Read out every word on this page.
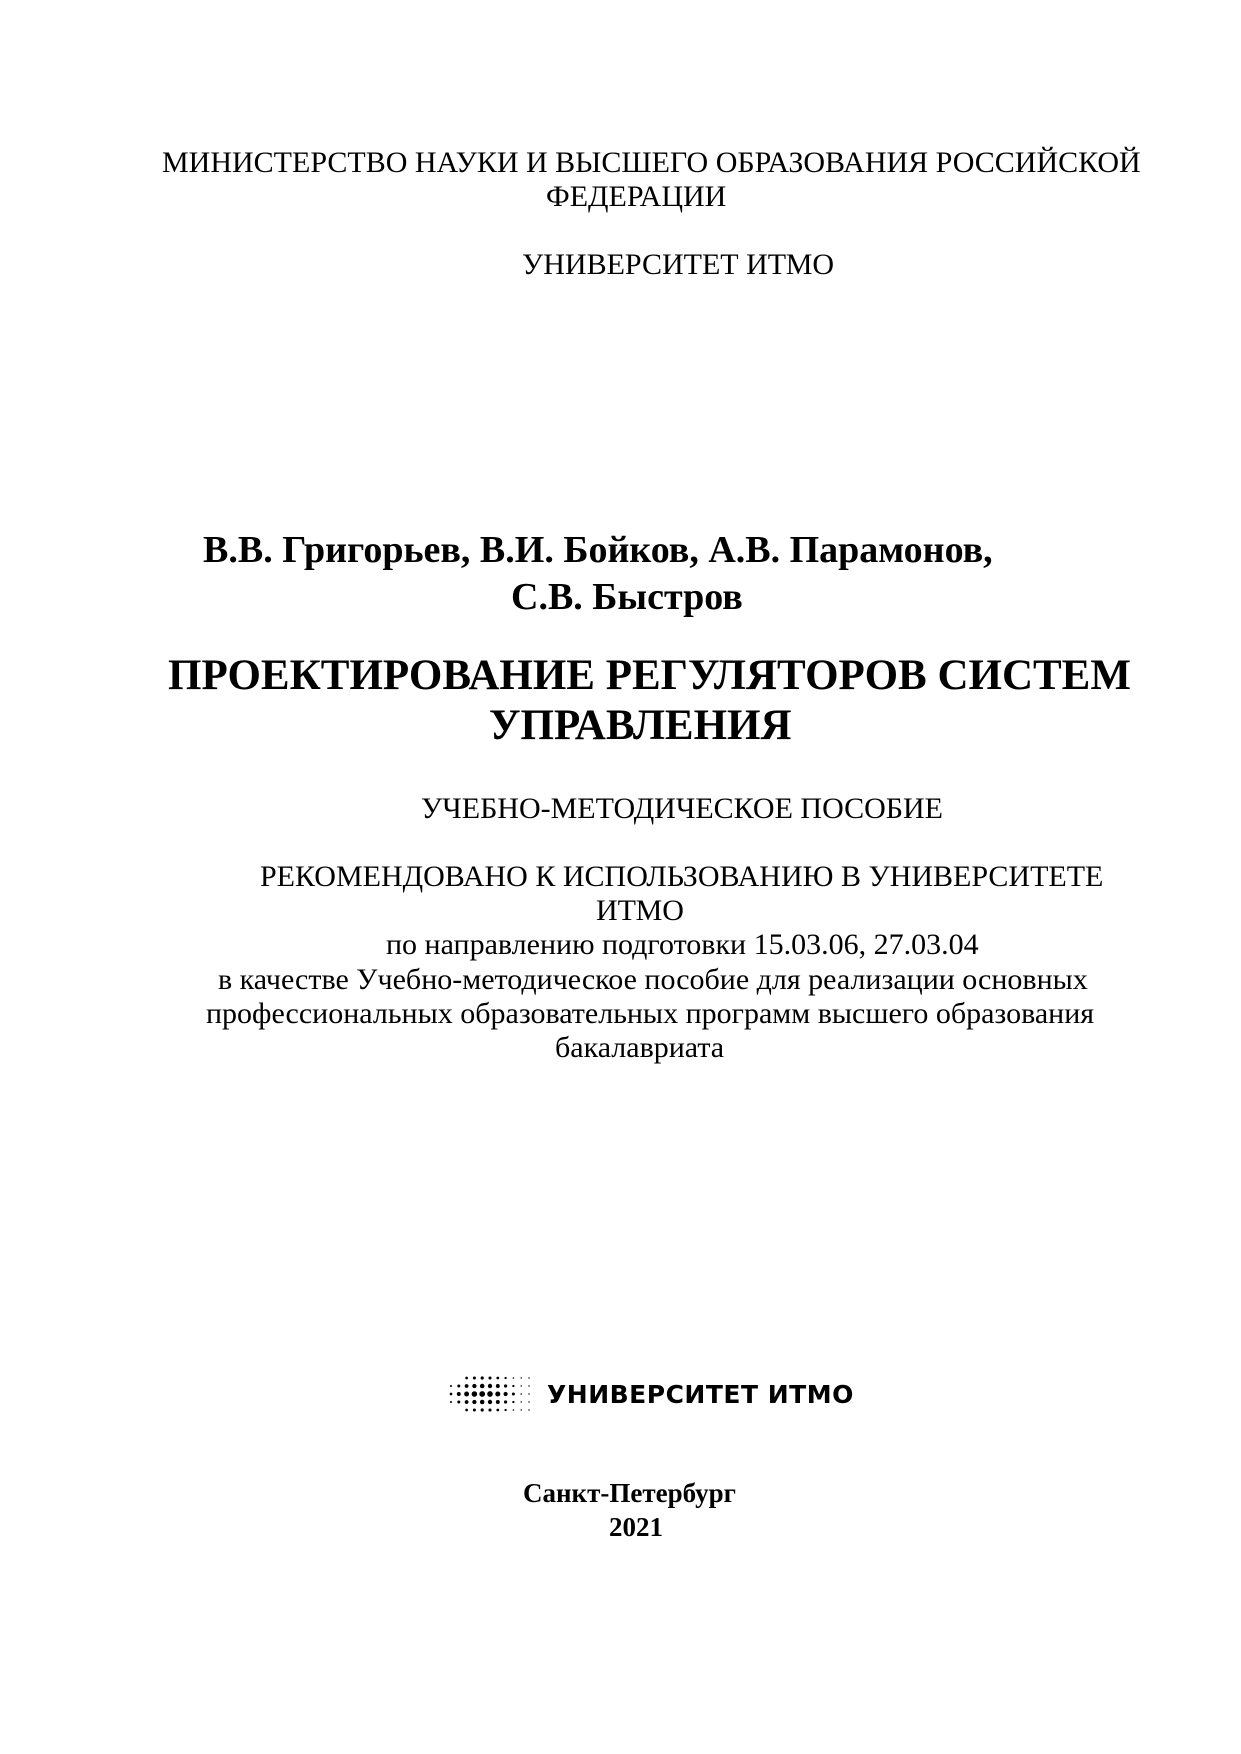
МИНИСТЕРСТВО НАУКИ И ВЫСШЕГО ОБРАЗОВАНИЯ РОССИЙСКОЙ
ФЕДЕРАЦИИ
УНИВЕРСИТЕТ ИТМО
В.В. Григорьев, В.И. Бойков, А.В. Парамонов,
С.В. Быстров
ПРОЕКТИРОВАНИЕ РЕГУЛЯТОРОВ СИСТЕМ
УПРАВЛЕНИЯ
УЧЕБНО-МЕТОДИЧЕСКОЕ ПОСОБИЕ
РЕКОМЕНДОВАНО К ИСПОЛЬЗОВАНИЮ В УНИВЕРСИТЕТЕ
ИТМО
по направлению подготовки 15.03.06, 27.03.04
в качестве Учебно-методическое пособие для реализации основных
профессиональных образовательных программ высшего образования
бакалавриата
УНИВЕРСИТЕТ ИТМО
Санкт-Петербург
2021
